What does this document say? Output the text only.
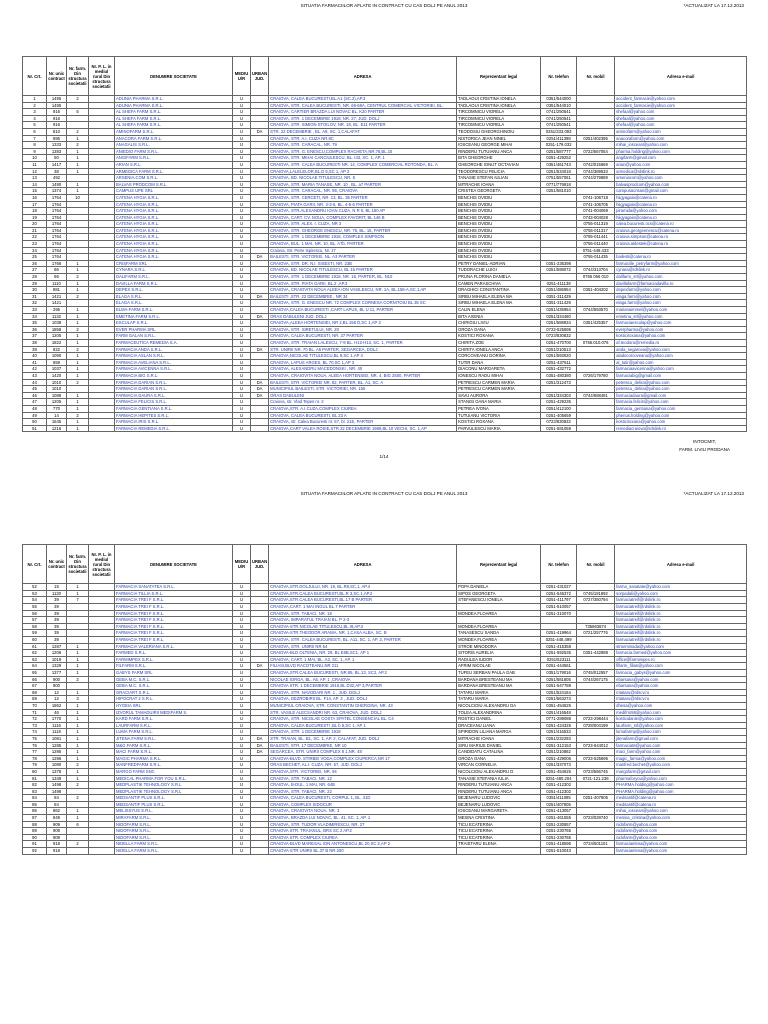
SITUATIA FARMACIILOR AFLATE IN CONTRACT CU CAS DOLJ PE ANUL 2013	*ACTUALIZAT LA 17.12.2013
Nr. Crt.	Nr. unic contract	Nr. farm. Din structura societatii	Nr. P. L. in mediul rural Din structura societatii	DENUMIRE SOCIETATE	MEDIU U/R	URBAN JUD.	ADRESA	Reprezentant legal	Nr. telefon	Nr. mobil	Adresa e-mail
1	1495	2		ADUNIA PHARMA S.R.L.	U		CRAIOVA, CALEA BUCURESTI,BL.A1 (SC.2),AP.3	TADLAOUI CRISTINA IONELA	0351/544000		accident_farmacie@yahoo.com
2	1495			ADUNIA PHARMA S.R.L.	U		CRAIOVA, STR. CALEA BUCURESTI, NR. 66-68A, CENTRUL COMERCIAL VICTORIEI, BL.	TADLAOUI CRISTINA IONELA	0351/544010		accident_farmacie@yahoo.com
3	916	5		AL SHEFA FARM S.R.L.	U		CRAIOVA, CARTIER BRAZDA LUI NOVAC BL. K20 PARTER	TIRCOMNICU VIORELA	0741/250541		shefaal@yahoo.com
4	916			AL SHEFA FARM S.R.L.	U		CRAIOVA, STR. 1 DECEMBRIE 1918, NR. 27, JUD. DOLJ	TIRCOMNICU VIORELA	0741/250541		shefaal@yahoo.com
5	916			AL SHEFA FARM S.R.L.	U		CRAIOVA, STR. SIMION STOILOV, NR. 16, BL. E11 PARTER	TIRCOMNICU VIORELA	0741/250541		shefaal@yahoo.com
6	810	2		AMINOFARM S.R.L.	U	DA	STR. 22 DECEMBRIE , BL. A9, SC. 1,CALAFAT	TEODOSIU GHEORGHINOIU	0251/333.093		aminofarm@yahoo.com
7	895	1		ANACORA FARM S.R.L.	U		CRAIOVA, STR. A.I. CUZA NR.8C	NISTORICA JEAN NINEL	0251/411398	0251/402395	anacorafarm@yahoo.com
8	1333	2		ANAGALIS S.R.L.	U		CRAIOVA, STR. CARACAL, NR. 79	IOSCEANU GEORGE MIHAI	0251-179.032		mihai_ioscean@yahoo.com
9	1283	1		ANIEDIO FARM S.R.L.	U		CRAIOVA, STR. G. ENESCU,COMPLEX RACHETA,NR.76,BL.15	RINDERU TUTUIANU ANCA	0251/587777	0722/567054	pharma.holding@yahoo.com
10	50	1		ANGIFARM S.R.L.	U		CRAIOVA, STR. MIHAI CANCIULESCU, BL. I43, SC. 1, AP. 1	BITA GHEORGHE	0251-429252		angifarm@gmail.com
11	1417	1		ARIAN S.R.L.	U		CRAIOVA, STR. CALEA BUCURESTI NR. 14, COMPLEX COMERCIAL ROTONDA, BL. A	GHEORGHE IONUT OCTAVIAN	0351/461743	0742/015669	arian@yahoo.com
12	38	1		ARMEDICA FARM S.R.L.	U		CRAIOVA,LALELELOR,BL.D 5,SC 1, AP 2	TEODORESCU FELICIA	0251/534018	0744/389533	armedica@rdslink.ro
13	492			ARSENIA.COM S.R.L.	U		CRAIOVA, BD. NICOLAE TITULESCU, NR. 8	TANASIE STEFAN IULIAN	0751/557061	0744/279889	arseniacom@yahoo.com
14	1490	1		BALVAS PRODCOM S.R.L.	U		CRAIOVA, STR. MARIA TANASE, NR. 10 , BL. a7 PARTER	MITRACHE IOANA	0771/779918		balvasprodcom@yahoo.com
15	1374	1		CAMPUS UPE SRL	U		CRAIOVA, STR. CARACAL, NR. 95, CRAIOVA	CRISTEA GEORGETA	0251/581010		campusacrisan@gmail.com
16	1764	10		CATENA HYGIA S.R.L.	U		CRAIOVA, STR. CERCETI, NR. 13, BL. 35 PARTER	BENCHIS OVIDIU		0741-106718	hiigyagaio@catena.ro
17	1764			CATENA HYGIA S.R.L.	U		CRAIOVA, PIATA GARII, NR. 3-3-5, BL. 4-5-6 PARTER	BENCHIS OVIDIU		0741-106705	hiigyagaio@catena.ro
18	1764			CATENA HYGIA S.R.L.	U		CRAIOVA, STR.ALEXANDRU IOAN CUZA, N R 6, BL 150 AP	BENCHIS OVIDIU		0741-004069	piramida@yahoo.com
19	1764			CATENA HYGIA S.R.L.	U		CRAIOVA, CART. CV. NOUA, COMPLEX FAVORIT, BL 146 B	BENCHIS OVIDIU		0743-004028	hiigyagaio@catena.ro
20	1764			CATENA HYGIA S.R.L.	U		CRAIOVA, STR. ALEX. I. CUZA, NR 3	BENCHIS OVIDIU		0755-011319	calea.bucuresti.ocs@catena.ro
21	1764			CATENA HYGIA S.R.L.	U		CRAIOVA, STR. GHEORGE ENESCU, NR. 76, BL. 15, PARTER	BENCHIS OVIDIU		0755-011317	craiova.georgeenescu@catena.ro
22	1764			CATENA HYGIA S.R.L.	U		CRAIOVA, STR. 1 DECEMBRIE 1918, COMPLEX SIMPSON	BENCHIS OVIDIU		0755-011441	craiova.simpson@catena.ro
23	1764			CATENA HYGIA S.R.L.	U		CRAIOVA, BUL. 1 MAI, NR. 10, BL. A7b, PARTER	BENCHIS OVIDIU		0755-011440	craiova.aldestek@catena.ro
24	1764			CATENA HYGIA S.R.L.	U		Craiova, Str. Petre Ispirescu, Nr. 17	BENCHIS OVIDIU		0751-448.433	
25	1764			CATENA HYGIA S.R.L.	U	DA	BAILESTI, STR. VICTORIEI, NL. A3 PARTER	BENCHIS OVIDIU		0755-011435	bailesti@catena.ro
26	1766	1		CRISFARM SRL	U		CRAIOVA, STR. DR. N.I. SISESTI, NR. 23B	PETRY DANIEL-ADRIAN	0351-235398		farmaciile_petryfarm@yahoo.com
27	66	1		CYNARA S.R.L.	U		CRAIOVA, BD. NICOLAE TITULESCU, BL 15 PARTER	TUDORACHE LUIGI	0251/598072	0744/313704	cynara@rdslink.ro
28	66	2		DALIFARM S.R.L.	U		CRAIOVA, STR. 1 DECEMBRIE 1918, NR. 16, PARTER, BL. N10	PRUNA FLORINA DANIELA		0766 056 010	dalifarm_srl@yahoo.com
29	1110	1		DAVILLA FARM S.R.L.	U		CRAIOVA, STR. PIATA GARII, BL.2 ,AP.3	CAMEN PARASCHIVA	0251-411138		davillafarm@farmaciadavilla.ro
30	881	1		DEPEX S.R.L.	U		CRAIOVA, CRAIOVITA NOUA ALEEA ION VASILESCU, NR. 1A, BL.158-A,SC.1,AP	DRAGHICI CONSTANTINA	0251/486954	0351-404202	depexfarm@yahoo.com
31	1421	2		ELAGA S.R.L.	U	DA	BAILESTI ,STR. 22 DECEMBRIE , NR 34	SIRBU MIHAELA ELENA MA	0351-311429		elaga.farm@yahoo.com
32	1421			ELAGA S.R.L.	U		CRAIOVA, STR. G. ENESCU NR. 72 COMPLEX CORNESA CORNITOIU BL 35 SC	SIRBU MIHAELA ELENA MA	0351-311429		elaga.farm@yahoo.com
33	295	1		ELMA-FARM S.R.L.	U		CRAIOVA,CALEA BUCURESTI ,CART LAPUS, BL U 11, PARTER	CALIN ELENA	0251/435954	0744/593570	marianaimmel@yahoo.com
34	1132	1		EMETINA FARM S.R.L.	U	DA	ORAS DABULENI JUD. DOLJ	BITA AXENIA	0251/334480		emetina_srl@yahoo.com
35	1038	1		ESCULAP S.R.L.	U		CRAIOVA,ALEEA HORTENSIEI, NR 2,BL 158 D,SC 1,AP 3	CHIRIGIU LIVIU	0251/588934	0351/425357	farmaciaesculap@yahoo.com
36	1858	2		EVER PHARMA SRL	U		CRAIOVA, STR. SIRETULUI, NR. 20	GROZA OANA	0723-525695		everpharma@yahoo.com
37	1205	1		FARM GALAN S.R.L.	U		CRAIOVA, CALEA BUCURESTI, NR. 37 PARTER	KOSTICI ROXANA	0723/830832		kosticiroxana@yahoo.com
38	1822	1		FARMACEUTICA REMEDIA S.A.	U		CRAIOVA, STR. TRAIAN LALESCU, 7-9 BL. H12-H13, SC. 1, PARTER	CHIRITA ZOE	0251-470700	0756.010.076	af.teodora@remedia.ro
39	822	2		FARMACIA ANDA S.R.L.	U	DA	STR. UNIRII NR. 70 BL. A5 PARTER, SEGARCEA, DOLJ	CHIRITA IONELA ANCA	0251/210513		anda_segarcea@yahoo.com
40	1090	1		FARMACIA ASLAN S.R.L.	U		CRAIOVA,NICOLAE TITULESCU,BL 9,SC 1,AP 4	CORCOVEANU DORINA	0251/593020		aladocorcoveanu@yahoo.com
41	659	1		FARMACIA AVELIANA S.R.L.	U		CRAIOVA, LAPUS ARGES, BL 70,SC 1,AP 3	TUTIR DANA	0251-437611		al_tutir@yahoo.com
42	1037	1		FARMACIA AVICENNA S.R.L.	U		CRAIOVA, ALEXANDRU MACEDONSKI , NR. 40	DIACONU MARGARETA	0251-432772		farmaciaavicenna@yahoo.com
43	1420	1		FARMACIA BIG S.R.L.	U		CRAIOVA, CRAIOVITA NOUA, ALEEA HORTENSIEI, NR. 4, BIG 2500, PARTER	IONESCU RADU MIHAI	0351-480380	0726/179780	farmaciabig@gmail.com
44	1010	2		FARMACIA DARIAN S.R.L.	U	DA	BAILESTI, STR. VICTORIEI NR. 82, PARTER, BL. A1, SC. A	PETRESCU CARMEN MARIA	0251/312473		petrescu_delira@yahoo.com
45	1010			FARMACIA DARIAN S.R.L.	U	DA	MUNICIPIUL BAILESTI, STR. VICTORIEI, NR. 155	PETRESCU CARMEN MARIA			petrescu_delira@yahoo.com
46	1088	1		FARMACIA DAURA S.R.L.	U	DA	ORAS DABULENI	SAVU AURORA	0251/334303	0744/688491	farmaciadaura@gmail.com
47	1205	1		FARMACIA FELICIS S.R.L.	U		Craiova, str. Vlad Tepes nr. 2	STANISI OANA MARIA	0251-429235		farmacia.felicis@yahoo.com
48	770	1		FARMACIA GENTIANA S.R.L.	U		CRAIOVA,STR. A.I.CUZA,COMPLEX CIUREA	PETREA IVONA	0251/412100		farmacia_gentiana@yahoo.com
49	14	2		FARMACIA HEPITES S.R.L.	U		CRAIOVA, CALEA BUCURESTI, BL 23 A	TUTUIANU VICTORIA	0251-405659		phenus.holding@yahoo.com
50	1545	1		FARMACIA IRIS S.R.L.	U		CRAIOVA, str. Calea Bucuresti nr. 57, bl. 21E, PARTER	KOSTICI ROXANA	0723/830832		kosticiroxana@yahoo.com
51	1216	1		FARMACIA REMEDIA S.R.L.	U		CRAIOVA,CART VALEA ROSIE,STR.22 DECEMBRIE 1989,BL 10 VECHI, SC. 1,AP	PARVULESCU MARIA	0251-581059		remediacraiova@rdslink.ro
1/14
INTOCMIT,
FARM. LIVIU PRODANA
SITUATIA FARMACIILOR AFLATE IN CONTRACT CU CAS DOLJ PE ANUL 2013	*ACTUALIZAT LA 17.12.2013
Nr. Crt.	Nr. unic contract	Nr. farm. Din structura societatii	Nr. P. L. in mediul rural Din structura societatii	DENUMIRE SOCIETATE	MEDIU U/R	URBAN JUD.	ADRESA	Reprezentant legal	Nr. telefon	Nr. mobil	Adresa e-mail
52	15	1		FARMACIA SANATATEA S.R.L.	U		CRAIOVA,STR.DOLJULUI, NR. 19, BL.R8,SC.1, AP.4	POPA DANIELA	0251-431027		farma_sanatate@yahoo.com
53	1120	1		FARMACIA TILLIA S.R.L.	U		CRAIOVA,STR.CALEA BUCURESTI,BL.R 3,SC.1,AP.2	SIPOS GEORGETA	0251-546372	0745/181892	sorpadali@yahoo.com
54	39	7		FARMACIA TREI F S.R.L.	U		CRAIOVA,STR.CALEA BUCURESTI,BL.17 B PARTER	STEFANESCU IONELA	0251-411797	0727/350794	farmaciatreif@rdslink.ro
55	39			FARMACIA TREI F S.R.L.	U		CRAIOVA,CART. 1 MAI INGUL BL.7 PARTER		0251-510057		farmaciatreif@rdslink.ro
56	39			FARMACIA TREI F S.R.L.	U		CRAIOVA, STR. TABACI, NR. 18	MONDEA FLOAREA	0251-310070		farmaciatreif@rdslink.ro
57	39			FARMACIA TREI F S.R.L.	U		CRAIOVA, IMPARATUL TRAIAN BL. P 2-3				farmaciatreif@rdslink.ro
58	39			FARMACIA TREI F S.R.L.	U		CRAIOVA-STR.NICOLAE TITULESCU,BL.I9,AP.3	MONDEA FLOAREA		735863874	farmaciatreif@rdslink.ro
59	39			FARMACIA TREI F S.R.L.	U		CRAIOVA-STR.THEODOR ARAMA, NR. 1,CASA ALBA, SC. B	TANASESCU SANDA	0251-419964	0721/257776	farmaciatreif@rdslink.ro
60	39			FARMACIA TREI F S.R.L.	U		CRAIOVA, STR. CALEA BUCURESTI, BL. A11, SC. 1, AP. 2, PARTER	MONDEA FLOAREA	0251-448.499		farmaciatreif@rdslink.ro
61	1287	1		FARMACIA VALERIANA S.R.L.	U		CRAIOVA, STR. UNIRII NR 54	STROE MINODORA	0251-415358		stroeminada@yahoo.com
62	1206	1		FARMED S.R.L.	U		CRAIOVA-BLD OLTENIA, NR. 29, BL E6B,SC1, AP 1	SITORIS AURELIA	0251-592535	0351-442888	farmacia.farmed@yahoo.com
63	1019	1		FARMIMPEX S.R.L.	U		CRAIOVA, CART. 1 MAI, BL. A3, SC. 1, AP. 1	RADULEA IUDOR	0251/523111		office@farmimpex.ro
64	1329	1		FILFARM S.R.L.	U	DA	FILIASI,BLVD RACOTEANU,NR 211	AFRIM NICOLAE	0251-444561		fillarm_filias@yahoo.com
65	1377	1		GABYS FARM SRL	U		CRAIOVA,STR.CALEA BUCURESTI, NR.85, BL.13, SC2, AP.2	TUFEU SERBAN PAULA GAB	0351/179016	0745/012557	farmacia_gabys@yahoo.com
66	900	2		GEBA M.C. S.R.L.	U		NICOLAE IORGA, BL. A5, AP. 1 ,CRAIOVA	BARDANA BRESTEANU MA	0251/581805	0744/267175	ebarsana@yahoo.com
67	900			GEBA M.C. S.R.L.	U		CRAIOVA STR. 1 DECEMBRIE 1918,BL D32,AP 3,PARTER	BARDANA BRESTEANU MA	0251-547788		ebarsana@yahoo.com
68	12	1		GRACIART S.R.L.	U		CRAIOVA, STR. NAVODARI NR. 1 , JUD. DOLJ	TATARU MARIA	0251/524164		mtataru@rdscv.ro
69	12	3		HIPOCRAT 2 S.R.L.	U		CRAIOVA, DEZROBIRII BL. F14, AP. 3 , JUD. DOLJ	TATARU MARIA	0251/563273		mtataru@rdscv.ro
70	1862	1		HYGEIA SRL	U		MUNICIPIUL CRAIOVA, STR. CONSTANTIN GHERGINA, NR. 43	NICOLCIOIU ALEXANDRU DA	0351-454625		dhesa@yahoo.com
71	46	1		IZVORUL TAMADUIRII MEDIFARM S.	U		STR. VASILE ALECSANDRI NR. 63, CRAIOVA, JUD. DOLJ	TOLEA ALEXANDRINA	0251/416548		medifrm56@yahoo.com
72	1770	1		KARD FARM S.R.L.	U		CRAIOVA, STR. NICOLAE COSTA SPATEL CONSENCIAL BL. C4	ROSTICI DANIEL	0771-289088	0723-298444	kosticidanie@yahoo.com
73	1116	1		LAURFARM S.R.L.	U		CRAIOVA, CALEA BUCURESTI ,BL b 8,SC 1, AP 1	DRACEANU LIANA	0251-424325	0728/004199	laurfarm_srl@yahoo.com
74	1118	1		LUMA FARM S.R.L.	U		CRAIOVA, STR. 1 DECEMBRIE 1918	SPIRIDON LILIANA MARGA	0251/416533		lumafarmp@yahoo.com
75	1081	1		JITENA FARM S.R.L.	U	DA	STR. TRAIAN, BL. B1, SC. 1, AP. 2, CALAFAT, JUD. DOLJ	MITRACHE IOANA	0251/232293		jitenafarm@gmail.com
76	1285	1		M&G FARM S.R.L.	U	DA	BAILESTI, STR. 17 DECEMBRIE, NR 10	SIRU MARIUS DANIEL	0251-312153	0723-644012	farmaciaM@yahoo.com
77	1295	1		MACI FARM S.R.L.	U	DA	SEGARCEA, STR. UNIRII COMPLEX 8 1,NR. 48	CANDIDATU CATALINA	0251/210882		maci_farm@yahoo.com
78	1296	1		MAGIC PHARMA S.R.L.	U		CRAIOVA-BLVD. STIRBEI VODA,COMPLEX CIUPERCA,NR 17	GROZA OANA	0251-429006	0723-525695	magic_farma@yahoo.com
79	1080	2		MANFREDFARM S.R.L.	U		ORAS BECHET, AL.I. CUZA, NR. 57, JUD. DOLJ	VIRCAN CORNELIA	0251/337073		manfred.bechet@yahoo.com
80	1378	1		MARGO FARM SNC	U		CRAIOVA,STR. VICTORIEI, NR. 94	NICOLCIOIU ALEXANDRU D	0251-454625	0723/566745	margofarm@gmail.com
81	1349	1		MEDICAL PHARMA FOR YOU S.R.L.	U		CRAIOVA, STR. TABACI, NR. 12	TANASIE STEFANIA IULIA	0251-480.204	0721-121.236	pharmaforyou@yahoo.com
82	1498	2		MEDPLASTIK TEHNOLOGY S.R.L	U		CRAIOVA, B-DUL. 1 MAI, NR. 64B	RINDERU TUTUIANU ANCA	0251-412302		PHARMA.holding@yahoo.com
83	1498			MEDPLASTIK TEHNOLOGY S.R.L	U		CRAIOVA, STR. TABACI, NR. 22	RINDERU TUTUIANU ANCA	0251-412302		PHARMA.holding@yahoo.com
84	84	2		MEDSANTIF PLUS S.R.L.	U		CRAIOVA, CALEA BUCURESTI, CORPUL 1, BL. 31D	BEJENARU LUDOVIC	0351/411085	0251-407805	medsantif@catena.ro
85	84			MEDSANTIF PLUS S.R.L.	U		CRAIOVA, COMPLEX SIDOCUR	BEJENARU LUDOVIC	0251/407805		medsantif@catena.ro
86	862	1		MELISSYUS S.R.L.	U		CRAIOVA, CRAIOVITA NOUA, NR. 3	IOSCEANU MARGARETA	0251-413057		mihai_ioscean@yahoo.com
87	849	1		MIRAFARM S.R.L.	U		CRAIOVA, BRAZDA LUI NOVAC, BL. 41, SC. 1, AP. 1	MESINA CRISTINA	0251-461555	0723/028740	mesina_cristina@yahoo.com
88	909	6		NIDOFARM S.R.L.	U		CRAIOVA, STR. TUDOR VLADIMIRESCU, NR. 27	TICU ECATERINA	0251-230857		nidofarm@yahoo.com
89	909			NIDOFARM S.R.L.	U		CRAIOVA STR. TRAIANUL, BRS SC 2 AP.2	TICU ECATERINA	0251-230765		nidofarm@yahoo.com
90	909			NIDOFARM S.R.L.	U		CRAIOVA STR. COMPLEX CIUREA	TICU ECATERINA	0251-230765		nidofarm@yahoo.com
91	918	2		NIDELLA FARM S.R.L.	U		CRAIOVA-BLVD MARESAL ION ANTONESCU,BL 20,SC 2,AP 2	TRAISTARU ELENA	0251-418596	0724/501101	farmaciaelena@yahoo.com
92	918			NIDELLA FARM S.R.L.	U		CRAIOVA-STR UNIRII BL.37 B NR.200		0251-510043		farmaciaelena@yahoo.com
